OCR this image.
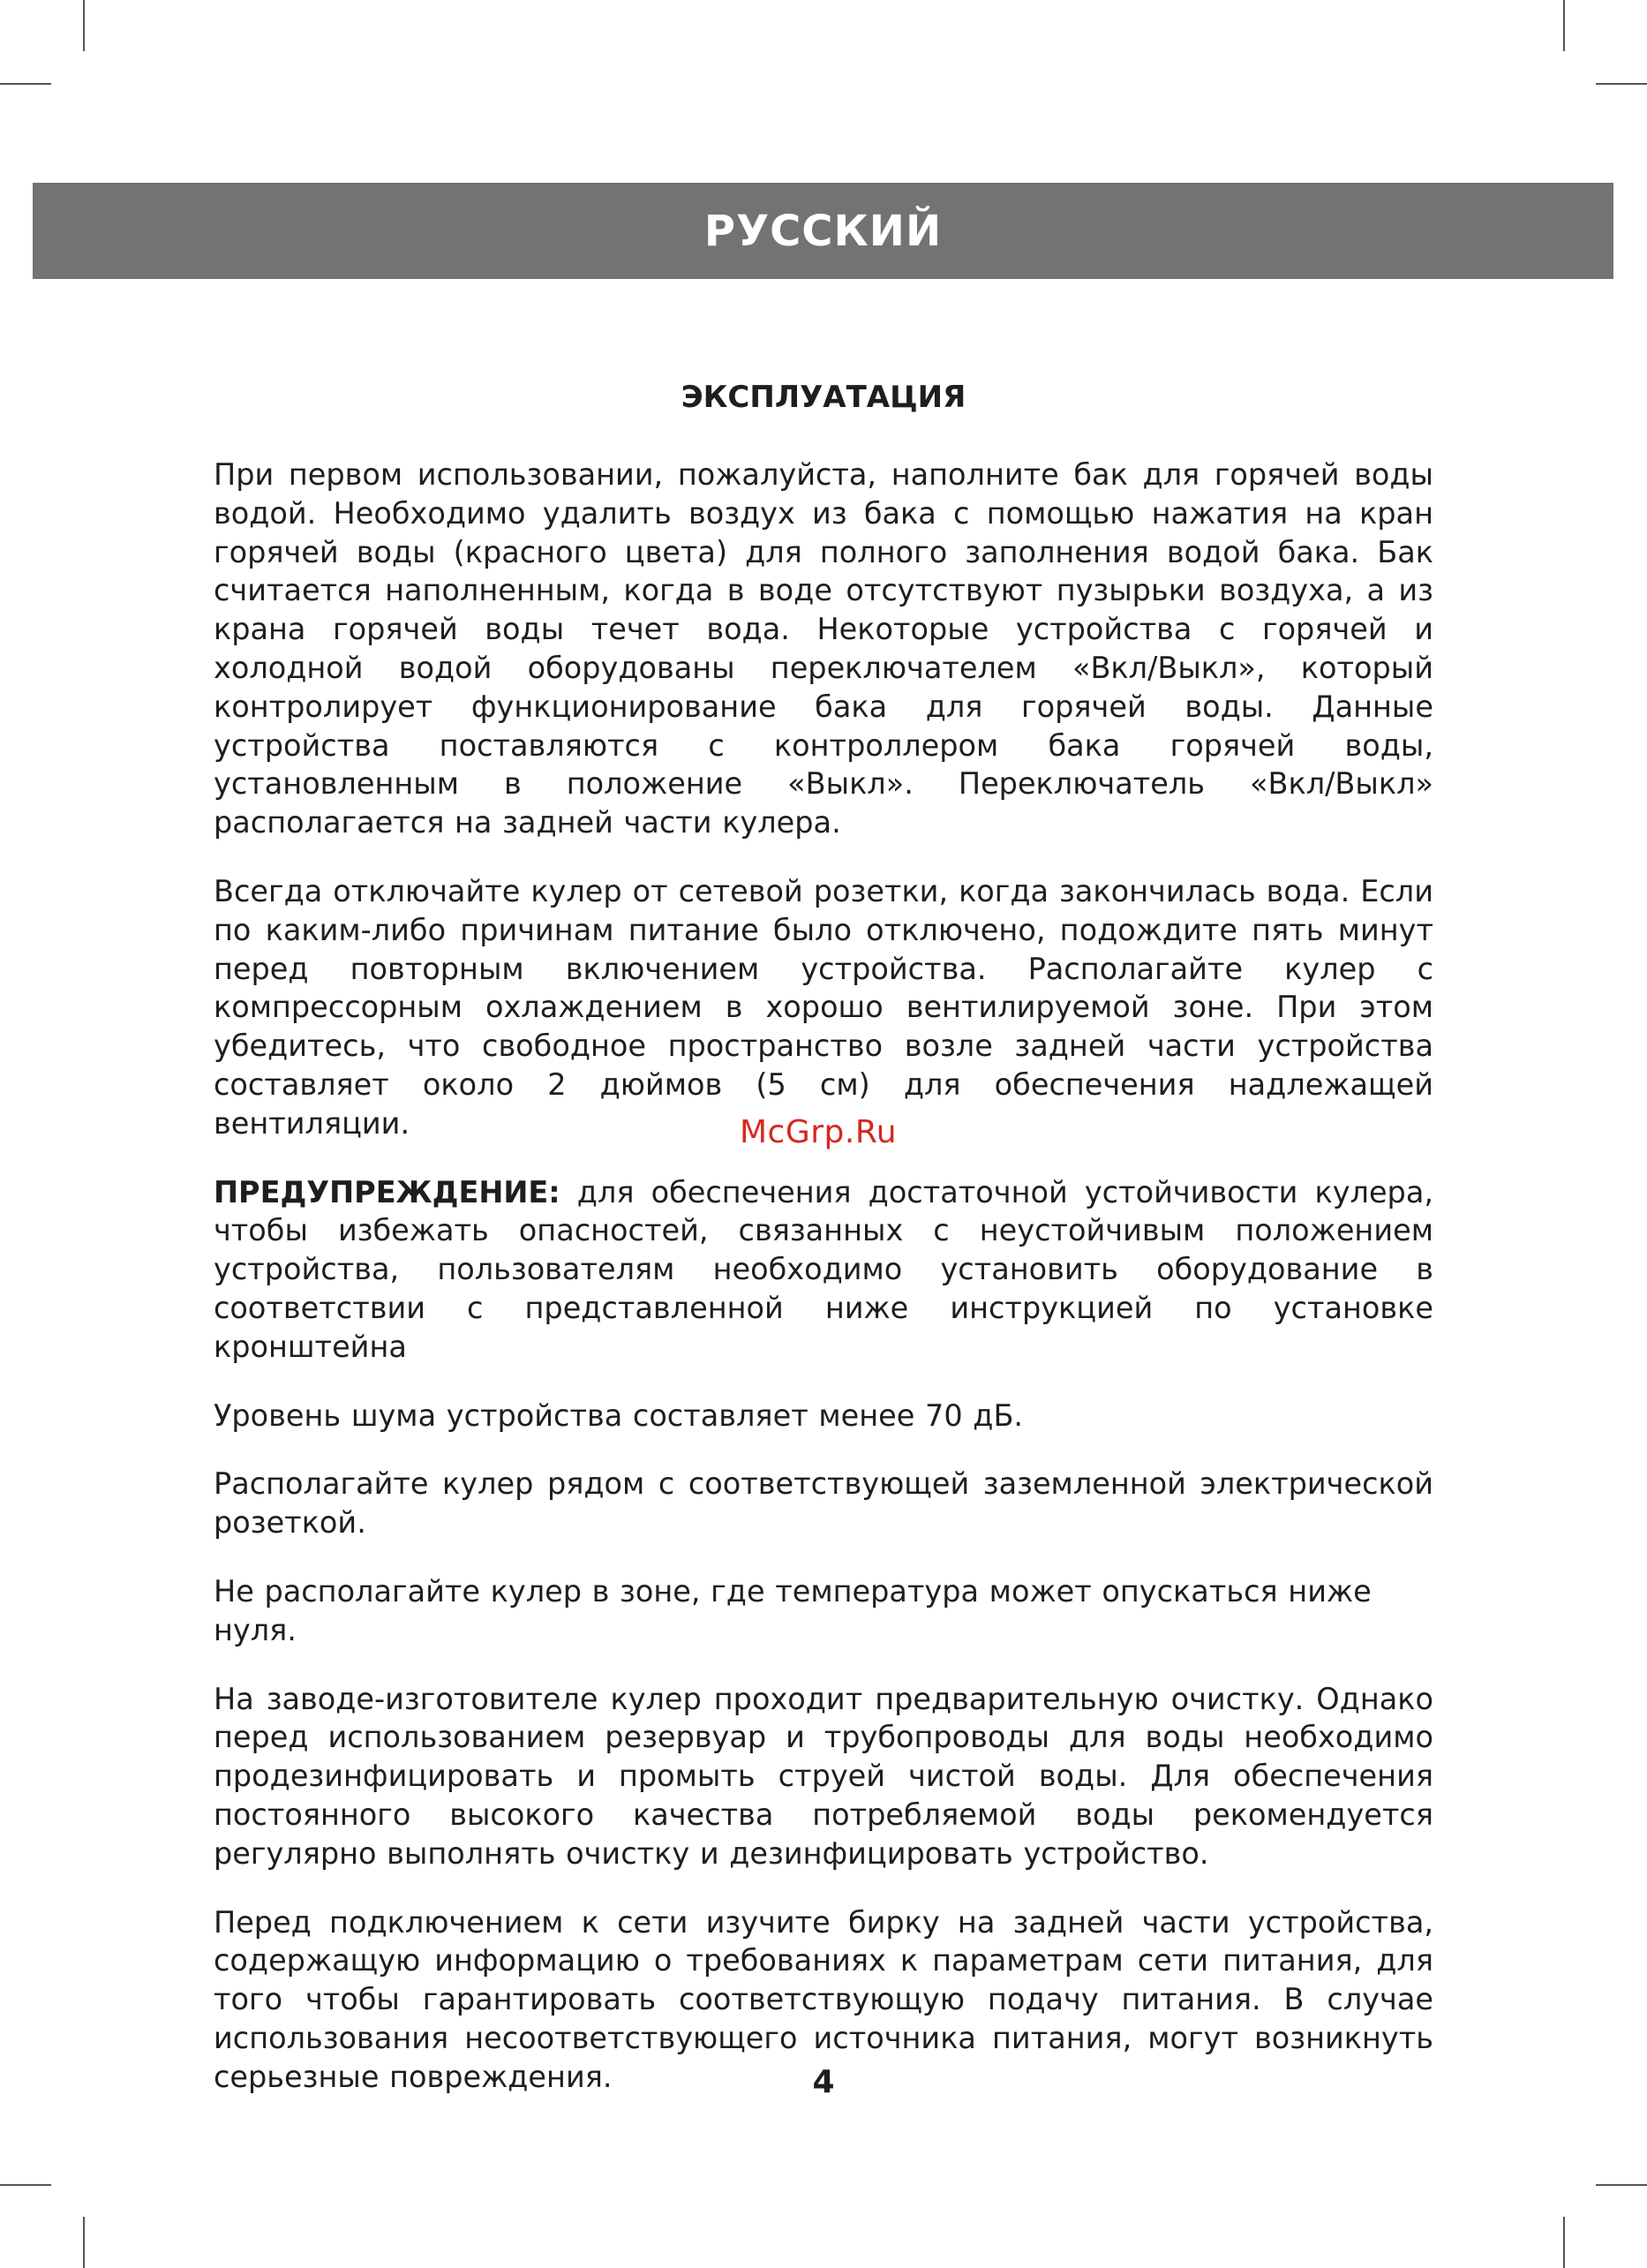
РУССКИЙ
ЭКСПЛУАТАЦИЯ

При первом использовании, пожалуйста, наполните бак для горячей воды водой. Необходимо удалить воздух из бака с помощью нажатия на кран горячей воды (красного цвета) для полного заполнения водой бака. Бак считается наполненным, когда в воде отсутствуют пузырьки воздуха, а из крана горячей воды течет вода. Некоторые устройства с горячей и холодной водой оборудованы переключателем «Вкл/Выкл», который контролирует функционирование бака для горячей воды. Данные устройства поставляются с контроллером бака горячей воды, установленным в положение «Выкл». Переключатель «Вкл/Выкл» располагается на задней части кулера.

Всегда отключайте кулер от сетевой розетки, когда закончилась вода. Если по каким-либо причинам питание было отключено, подождите пять минут перед повторным включением устройства. Располагайте кулер с компрессорным охлаждением в хорошо вентилируемой зоне. При этом убедитесь, что свободное пространство возле задней части устройства составляет около 2 дюймов (5 см) для обеспечения надлежащей вентиляции.

ПРЕДУПРЕЖДЕНИЕ: для обеспечения достаточной устойчивости кулера, чтобы избежать опасностей, связанных с неустойчивым положением устройства, пользователям необходимо установить оборудование в соответствии с представленной ниже инструкцией по установке кронштейна

Уровень шума устройства составляет менее 70 дБ.

Располагайте кулер рядом с соответствующей заземленной электрической розеткой.

Не располагайте кулер в зоне, где температура может опускаться ниже нуля.

На заводе-изготовителе кулер проходит предварительную очистку. Однако перед использованием резервуар и трубопроводы для воды необходимо продезинфицировать и промыть струей чистой воды. Для обеспечения постоянного высокого качества потребляемой воды рекомендуется регулярно выполнять очистку и дезинфицировать устройство.

Перед подключением к сети изучите бирку на задней части устройства, содержащую информацию о требованиях к параметрам сети питания, для того чтобы гарантировать соответствующую подачу питания. В случае использования несоответствующего источника питания, могут возникнуть серьезные повреждения.

McGrp.Ru
4
